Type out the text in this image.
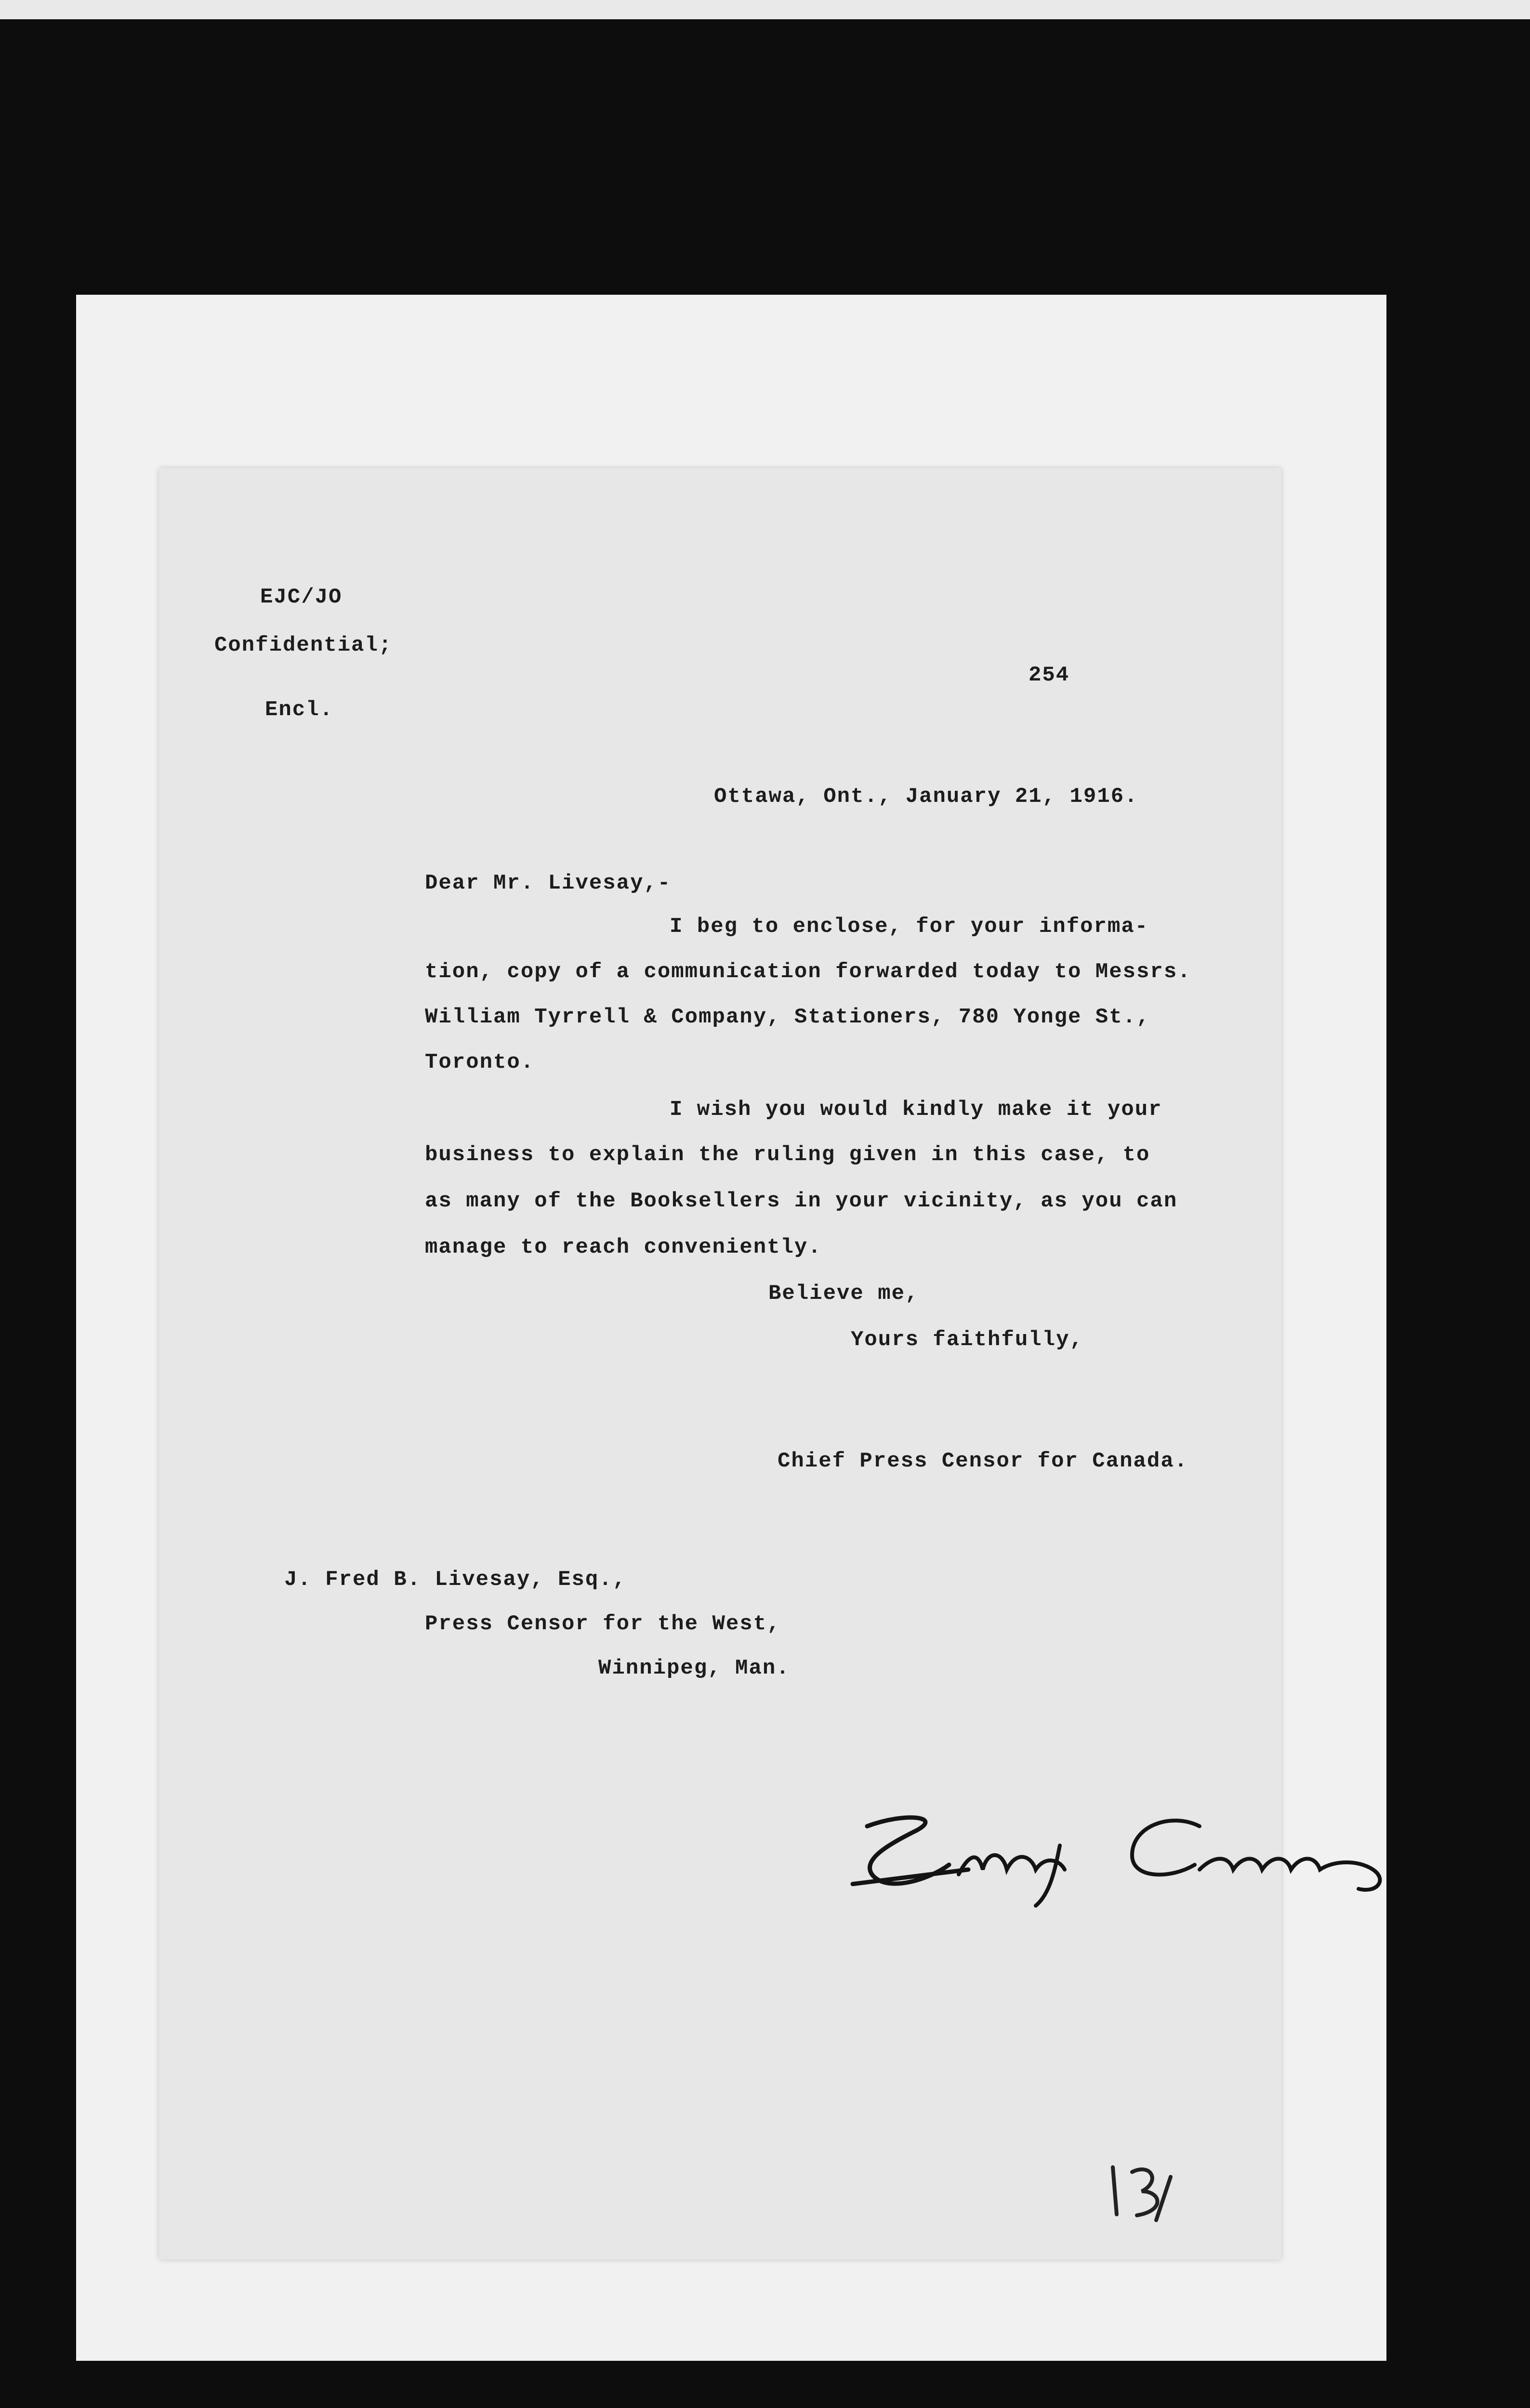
EJC/JO

Confidential;

Encl.

254

Ottawa, Ont., January 21, 1916.

Dear Mr. Livesay,-

I beg to enclose, for your informa-

tion, copy of a communication forwarded today to Messrs.

William Tyrrell & Company, Stationers, 780 Yonge St.,

Toronto.

I wish you would kindly make it your

business to explain the ruling given in this case, to

as many of the Booksellers in your vicinity, as you can

manage to reach conveniently.

Believe me,

Yours faithfully,

Ernest J. Chambers

Chief Press Censor for Canada.

J. Fred B. Livesay, Esq.,

Press Censor for the West,

Winnipeg, Man.

13/
